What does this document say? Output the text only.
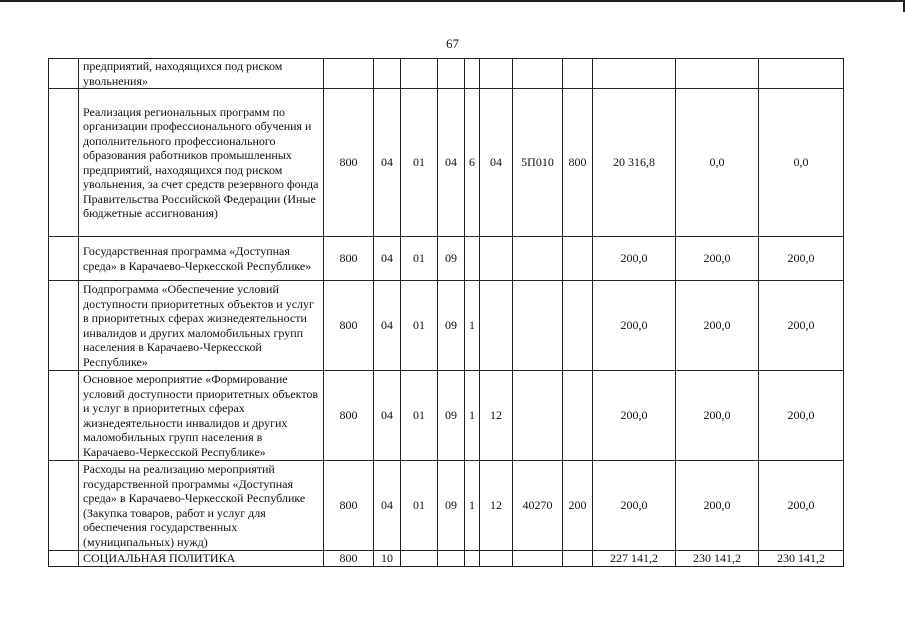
67
	предприятий, находящихся под риском увольнения»											
	Реализация региональных программ по организации профессионального обучения и дополнительного профессионального образования работников промышленных предприятий, находящихся под риском увольнения, за счет средств резервного фонда Правительства Российской Федерации (Иные бюджетные ассигнования)	800	04	01	04	6	04	5П010	800	20 316,8	0,0	0,0
	Государственная программа «Доступная среда» в Карачаево-Черкесской Республике»	800	04	01	09					200,0	200,0	200,0
	Подпрограмма «Обеспечение условий доступности приоритетных объектов и услуг в приоритетных сферах жизнедеятельности инвалидов и других маломобильных групп населения в Карачаево-Черкесской Республике»	800	04	01	09	1				200,0	200,0	200,0
	Основное мероприятие «Формирование условий доступности приоритетных объектов и услуг в приоритетных сферах жизнедеятельности инвалидов и других маломобильных групп населения в Карачаево-Черкесской Республике»	800	04	01	09	1	12			200,0	200,0	200,0
	Расходы на реализацию мероприятий государственной программы «Доступная среда» в Карачаево-Черкесской Республике (Закупка товаров, работ и услуг для обеспечения государственных (муниципальных) нужд)	800	04	01	09	1	12	40270	200	200,0	200,0	200,0
	СОЦИАЛЬНАЯ ПОЛИТИКА	800	10							227 141,2	230 141,2	230 141,2
